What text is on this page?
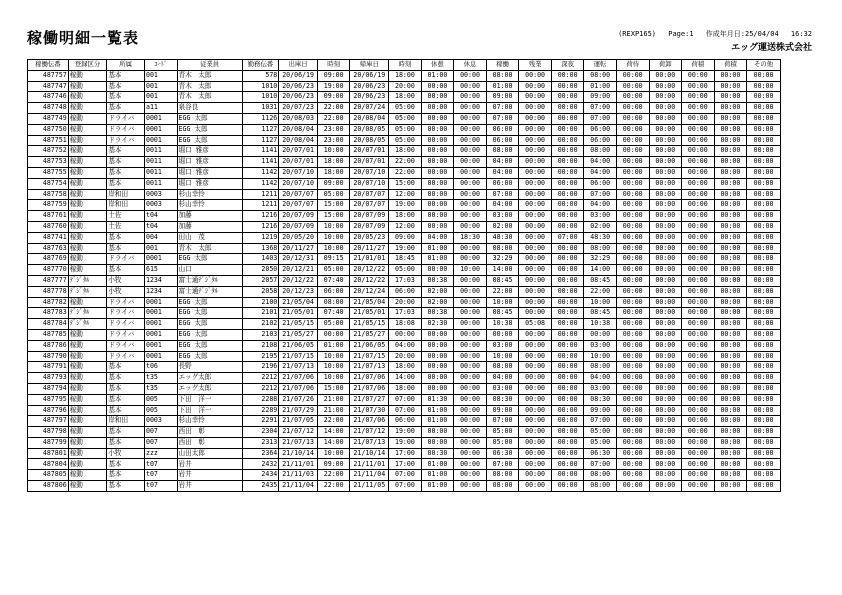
稼働明細一覧表	(REXP165) Page:1 作成年月日:25/04/04 16:32
エッグ運送株式会社
稼働伝番	登録区分	所属	ｺｰﾄﾞ	従業員	勤務伝番	出庫日	時刻	帰庫日	時刻	休憩	休息	稼働	残業	深夜	運転	荷待	荷卸	荷積	荷積	その他
487757	稼動	基本	001	青木　太郎	578	20/06/19	09:00	20/06/19	18:00	01:00	00:00	08:00	00:00	00:00	08:00	00:00	00:00	00:00	00:00	00:00
487747	稼動	基本	001	青木　太郎	1010	20/06/23	19:00	20/06/23	20:00	00:00	00:00	01:00	00:00	00:00	01:00	00:00	00:00	00:00	00:00	00:00
487746	稼動	基本	001	青木　太郎	1010	20/06/23	09:00	20/06/23	18:00	00:00	00:00	09:00	00:00	00:00	09:00	00:00	00:00	00:00	00:00	00:00
487748	稼動	基本	a11	泉谷良	1031	20/07/23	22:00	20/07/24	05:00	00:00	00:00	07:00	00:00	00:00	07:00	00:00	00:00	00:00	00:00	00:00
487749	稼動	ドライバ	0001	EGG 太郎	1126	20/08/03	22:00	20/08/04	05:00	00:00	00:00	07:00	00:00	00:00	07:00	00:00	00:00	00:00	00:00	00:00
487750	稼動	ドライバ	0001	EGG 太郎	1127	20/08/04	23:00	20/08/05	05:00	00:00	00:00	06:00	00:00	00:00	06:00	00:00	00:00	00:00	00:00	00:00
487751	稼動	ドライバ	0001	EGG 太郎	1127	20/08/04	23:00	20/08/05	05:00	00:00	00:00	06:00	00:00	00:00	06:00	00:00	00:00	00:00	00:00	00:00
487752	稼動	基本	0011	堀口 雅彦	1141	20/07/01	10:00	20/07/01	18:00	00:00	00:00	08:00	00:00	00:00	08:00	00:00	00:00	00:00	00:00	00:00
487753	稼動	基本	0011	堀口 雅彦	1141	20/07/01	18:00	20/07/01	22:00	00:00	00:00	04:00	00:00	00:00	04:00	00:00	00:00	00:00	00:00	00:00
487755	稼動	基本	0011	堀口 雅彦	1142	20/07/10	18:00	20/07/10	22:00	00:00	00:00	04:00	00:00	00:00	04:00	00:00	00:00	00:00	00:00	00:00
487754	稼動	基本	0011	堀口 雅彦	1142	20/07/10	09:00	20/07/10	15:00	00:00	00:00	06:00	00:00	00:00	06:00	00:00	00:00	00:00	00:00	00:00
487758	稼動	岸和田	0003	杉山幸怜	1211	20/07/07	05:00	20/07/07	12:00	00:00	00:00	07:00	00:00	00:00	07:00	00:00	00:00	00:00	00:00	00:00
487759	稼動	岸和田	0003	杉山幸怜	1211	20/07/07	15:00	20/07/07	19:00	00:00	00:00	04:00	00:00	00:00	04:00	00:00	00:00	00:00	00:00	00:00
487761	稼動	土佐	t04	加藤	1216	20/07/09	15:00	20/07/09	18:00	00:00	00:00	03:00	00:00	00:00	03:00	00:00	00:00	00:00	00:00	00:00
487760	稼動	土佐	t04	加藤	1216	20/07/09	10:00	20/07/09	12:00	00:00	00:00	02:00	00:00	00:00	02:00	00:00	00:00	00:00	00:00	00:00
487741	稼動	基本	004	田山　茂	1219	20/05/20	10:00	20/05/23	09:00	04:00	18:30	48:30	00:00	07:00	48:30	00:00	00:00	00:00	00:00	00:00
487763	稼動	基本	001	青木　太郎	1368	20/11/27	10:00	20/11/27	19:00	01:00	00:00	08:00	00:00	00:00	08:00	00:00	00:00	00:00	00:00	00:00
487769	稼動	ドライバ	0001	EGG 太郎	1403	20/12/31	09:15	21/01/01	18:45	01:00	00:00	32:29	00:00	00:00	32:29	00:00	00:00	00:00	00:00	00:00
487770	稼動	基本	615	山口	2050	20/12/21	05:00	20/12/22	05:00	00:00	10:00	14:00	00:00	00:00	14:00	00:00	00:00	00:00	00:00	00:00
487777	ﾃﾞｼﾞﾀﾙ	小牧	1234	富士通ﾃﾞｼﾞﾀﾙ	2057	20/12/22	07:40	20/12/22	17:03	00:38	00:00	08:45	00:00	00:00	08:45	00:00	00:00	00:00	00:00	00:00
487778	ﾃﾞｼﾞﾀﾙ	小牧	1234	富士通ﾃﾞｼﾞﾀﾙ	2058	20/12/23	06:00	20/12/24	06:00	02:00	00:00	22:00	00:00	00:00	22:00	00:00	00:00	00:00	00:00	00:00
487782	稼動	ドライバ	0001	EGG 太郎	2100	21/05/04	08:00	21/05/04	20:00	02:00	00:00	10:00	00:00	00:00	10:00	00:00	00:00	00:00	00:00	00:00
487783	ﾃﾞｼﾞﾀﾙ	ドライバ	0001	EGG 太郎	2101	21/05/01	07:40	21/05/01	17:03	00:38	00:00	08:45	00:00	00:00	08:45	00:00	00:00	00:00	00:00	00:00
487784	ﾃﾞｼﾞﾀﾙ	ドライバ	0001	EGG 太郎	2102	21/05/15	05:00	21/05/15	18:08	02:30	00:00	10:38	05:08	00:00	10:38	00:00	00:00	00:00	00:00	00:00
487785	稼動	ドライバ	0001	EGG 太郎	2103	21/05/27	00:00	21/05/27	00:00	00:00	00:00	00:00	00:00	00:00	00:00	00:00	00:00	00:00	00:00	00:00
487786	稼動	ドライバ	0001	EGG 太郎	2108	21/06/05	01:00	21/06/05	04:00	00:00	00:00	03:00	00:00	00:00	03:00	00:00	00:00	00:00	00:00	00:00
487790	稼動	ドライバ	0001	EGG 太郎	2195	21/07/15	10:00	21/07/15	20:00	00:00	00:00	10:00	00:00	00:00	10:00	00:00	00:00	00:00	00:00	00:00
487791	稼動	基本	t06	長野	2196	21/07/13	10:00	21/07/13	18:00	00:00	00:00	08:00	00:00	00:00	08:00	00:00	00:00	00:00	00:00	00:00
487793	稼動	基本	t35	エッグ太郎	2212	21/07/06	10:00	21/07/06	14:00	00:00	00:00	04:00	00:00	00:00	04:00	00:00	00:00	00:00	00:00	00:00
487794	稼動	基本	t35	エッグ太郎	2212	21/07/06	15:00	21/07/06	18:00	00:00	00:00	03:00	00:00	00:00	03:00	00:00	00:00	00:00	00:00	00:00
487795	稼動	基本	005	下田　洋一	2288	21/07/26	21:00	21/07/27	07:00	01:30	00:00	08:30	00:00	00:00	08:30	00:00	00:00	00:00	00:00	00:00
487796	稼動	基本	005	下田　洋一	2289	21/07/29	21:00	21/07/30	07:00	01:00	00:00	09:00	00:00	00:00	09:00	00:00	00:00	00:00	00:00	00:00
487797	稼動	岸和田	0003	杉山幸怜	2291	21/07/05	22:00	21/07/06	06:00	01:00	00:00	07:00	00:00	00:00	07:00	00:00	00:00	00:00	00:00	00:00
487798	稼動	基本	007	西田　彰	2304	21/07/12	14:00	21/07/12	19:00	00:00	00:00	05:00	00:00	00:00	05:00	00:00	00:00	00:00	00:00	00:00
487799	稼動	基本	007	西田　彰	2313	21/07/13	14:00	21/07/13	19:00	00:00	00:00	05:00	00:00	00:00	05:00	00:00	00:00	00:00	00:00	00:00
487801	稼動	小牧	zzz	山田太郎	2364	21/10/14	10:00	21/10/14	17:00	00:30	00:00	06:30	00:00	00:00	06:30	00:00	00:00	00:00	00:00	00:00
487804	稼動	基本	t07	岩井	2432	21/11/01	09:00	21/11/01	17:00	01:00	00:00	07:00	00:00	00:00	07:00	00:00	00:00	00:00	00:00	00:00
487805	稼動	基本	t07	岩井	2434	21/11/03	22:00	21/11/04	07:00	01:00	00:00	08:00	00:00	00:00	08:00	00:00	00:00	00:00	00:00	00:00
487806	稼動	基本	t07	岩井	2435	21/11/04	22:00	21/11/05	07:00	01:00	00:00	08:00	00:00	00:00	08:00	00:00	00:00	00:00	00:00	00:00
